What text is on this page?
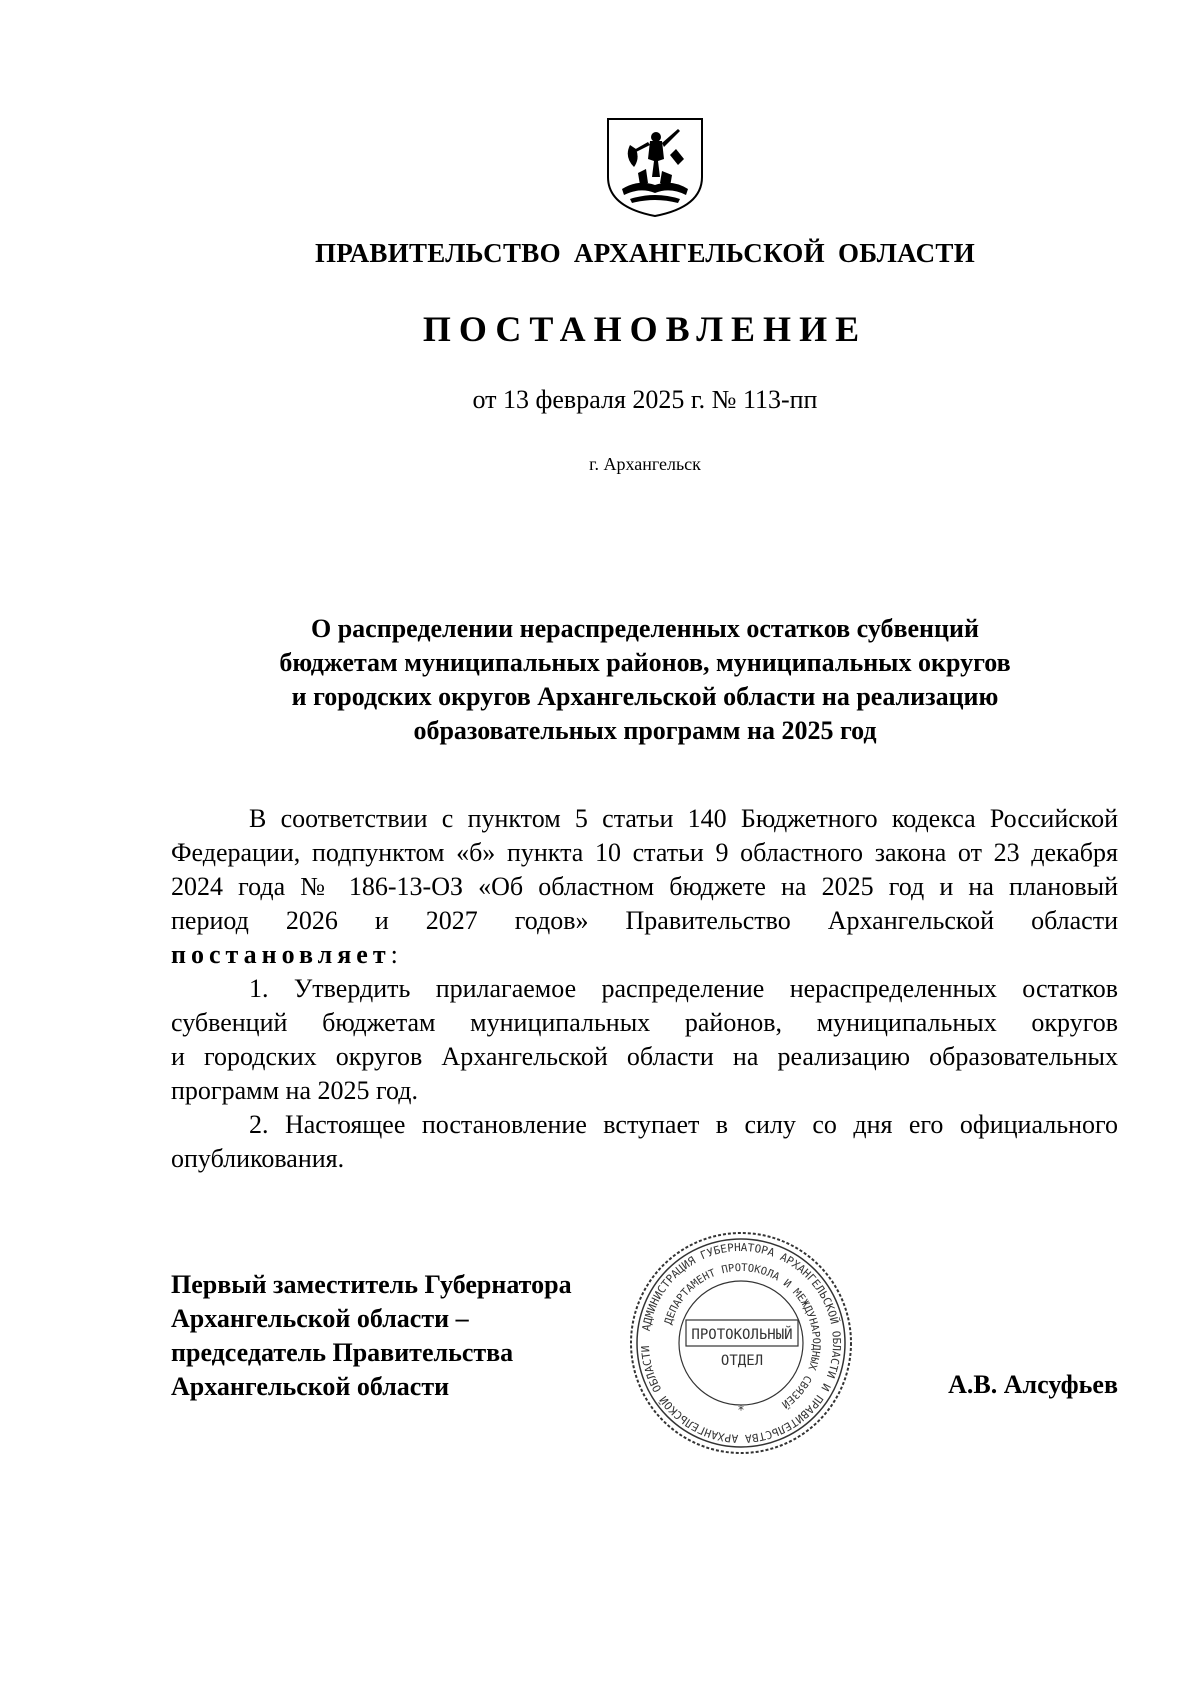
ПРАВИТЕЛЬСТВО АРХАНГЕЛЬСКОЙ ОБЛАСТИ
ПОСТАНОВЛЕНИЕ
от 13 февраля 2025 г. № 113-пп
г. Архангельск
О распределении нераспределенных остатков субвенций
бюджетам муниципальных районов, муниципальных округов
и городских округов Архангельской области на реализацию
образовательных программ на 2025 год
В соответствии с пунктом 5 статьи 140 Бюджетного кодекса Российской
Федерации, подпунктом «б» пункта 10 статьи 9 областного закона от 23 декабря
2024 года № 186-13-ОЗ «Об областном бюджете на 2025 год и на плановый
период 2026 и 2027 годов» Правительство Архангельской области
постановляет:
1. Утвердить прилагаемое распределение нераспределенных остатков
субвенций бюджетам муниципальных районов, муниципальных округов
и городских округов Архангельской области на реализацию образовательных
программ на 2025 год.
2. Настоящее постановление вступает в силу со дня его официального
опубликования.
Первый заместитель Губернатора
Архангельской области –
председатель Правительства
Архангельской области
АДМИНИСТРАЦИЯ ГУБЕРНАТОРА АРХАНГЕЛЬСКОЙ ОБЛАСТИ И ПРАВИТЕЛЬСТВА АРХАНГЕЛЬСКОЙ ОБЛАСТИ
ДЕПАРТАМЕНТ ПРОТОКОЛА И МЕЖДУНАРОДНЫХ СВЯЗЕЙ
ПРОТОКОЛЬНЫЙ
ОТДЕЛ
*
А.В. Алсуфьев
